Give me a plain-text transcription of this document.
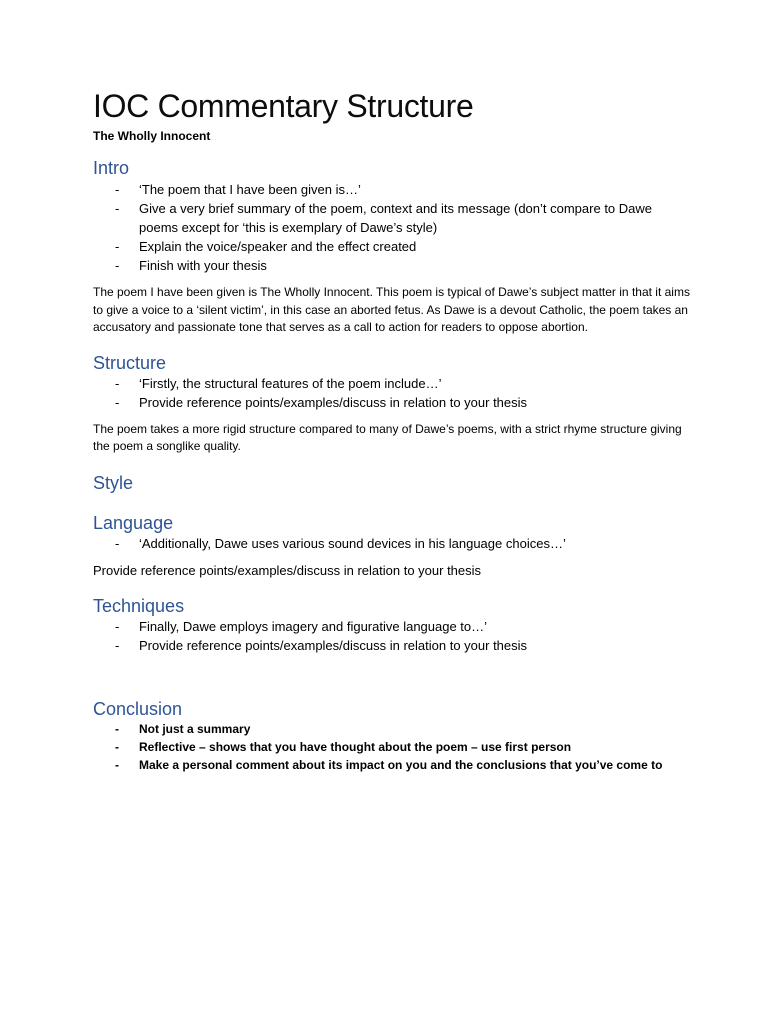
IOC Commentary Structure

The Wholly Innocent

Intro
- ‘The poem that I have been given is…’
- Give a very brief summary of the poem, context and its message (don’t compare to Dawe poems except for ‘this is exemplary of Dawe’s style)
- Explain the voice/speaker and the effect created
- Finish with your thesis

The poem I have been given is The Wholly Innocent. This poem is typical of Dawe’s subject matter in that it aims to give a voice to a ‘silent victim’, in this case an aborted fetus. As Dawe is a devout Catholic, the poem takes an accusatory and passionate tone that serves as a call to action for readers to oppose abortion.

Structure
- ‘Firstly, the structural features of the poem include…’
- Provide reference points/examples/discuss in relation to your thesis

The poem takes a more rigid structure compared to many of Dawe’s poems, with a strict rhyme structure giving the poem a songlike quality.

Style
Language
- ‘Additionally, Dawe uses various sound devices in his language choices…’

Provide reference points/examples/discuss in relation to your thesis

Techniques
- Finally, Dawe employs imagery and figurative language to…’
- Provide reference points/examples/discuss in relation to your thesis
Conclusion
- Not just a summary
- Reflective – shows that you have thought about the poem – use first person
- Make a personal comment about its impact on you and the conclusions that you’ve come to
